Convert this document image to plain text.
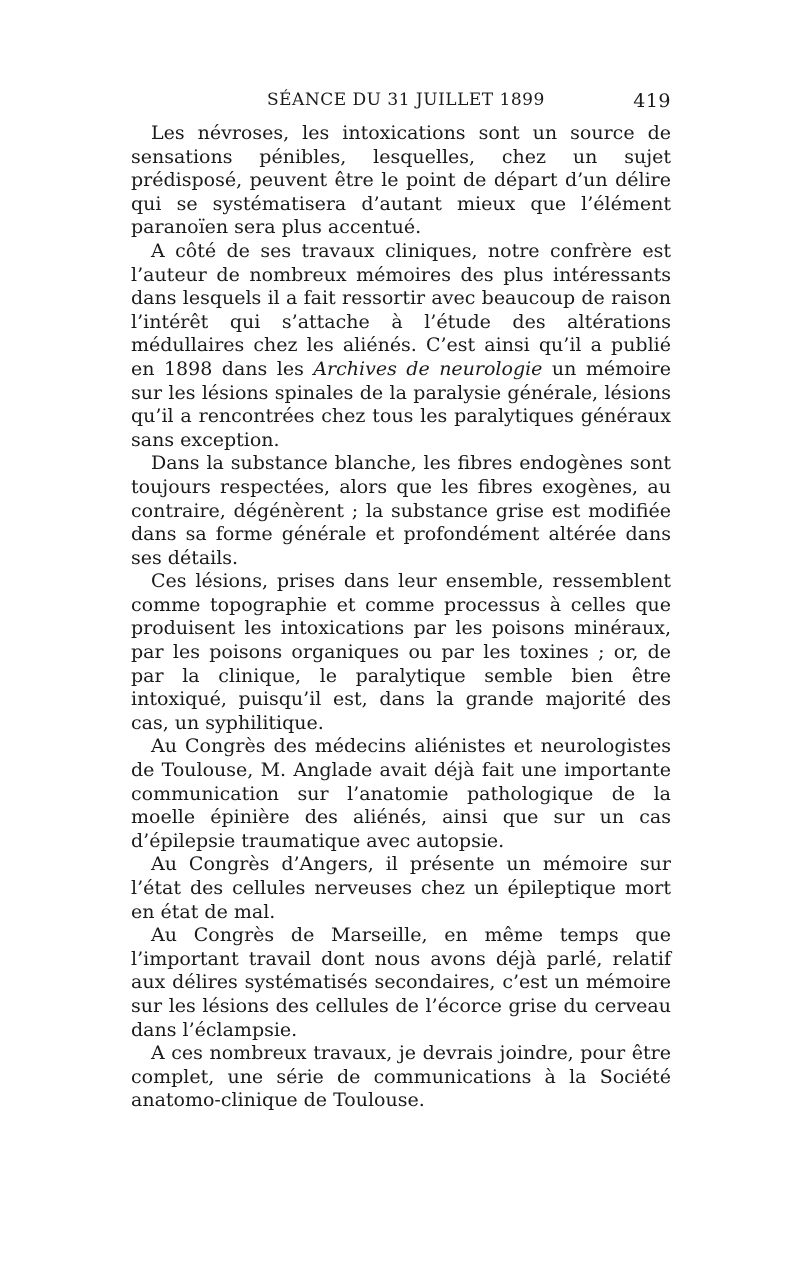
SÉANCE DU 31 JUILLET 1899	419

Les névroses, les intoxications sont un source de sensations pénibles, lesquelles, chez un sujet prédisposé, peuvent être le point de départ d’un délire qui se systématisera d’autant mieux que l’élément paranoïen sera plus accentué.

A côté de ses travaux cliniques, notre confrère est l’auteur de nombreux mémoires des plus intéressants dans lesquels il a fait ressortir avec beaucoup de raison l’intérêt qui s’attache à l’étude des altérations médullaires chez les aliénés. C’est ainsi qu’il a publié en 1898 dans les Archives de neurologie un mémoire sur les lésions spinales de la paralysie générale, lésions qu’il a rencontrées chez tous les paralytiques généraux sans exception.

Dans la substance blanche, les fibres endogènes sont toujours respectées, alors que les fibres exogènes, au contraire, dégénèrent ; la substance grise est modifiée dans sa forme générale et profondément altérée dans ses détails.

Ces lésions, prises dans leur ensemble, ressemblent comme topographie et comme processus à celles que produisent les intoxications par les poisons minéraux, par les poisons organiques ou par les toxines ; or, de par la clinique, le paralytique semble bien être intoxiqué, puisqu’il est, dans la grande majorité des cas, un syphilitique.

Au Congrès des médecins aliénistes et neurologistes de Toulouse, M. Anglade avait déjà fait une importante communication sur l’anatomie pathologique de la moelle épinière des aliénés, ainsi que sur un cas d’épilepsie traumatique avec autopsie.

Au Congrès d’Angers, il présente un mémoire sur l’état des cellules nerveuses chez un épileptique mort en état de mal.

Au Congrès de Marseille, en même temps que l’important travail dont nous avons déjà parlé, relatif aux délires systématisés secondaires, c’est un mémoire sur les lésions des cellules de l’écorce grise du cerveau dans l’éclampsie.

A ces nombreux travaux, je devrais joindre, pour être complet, une série de communications à la Société anatomo-clinique de Toulouse.
